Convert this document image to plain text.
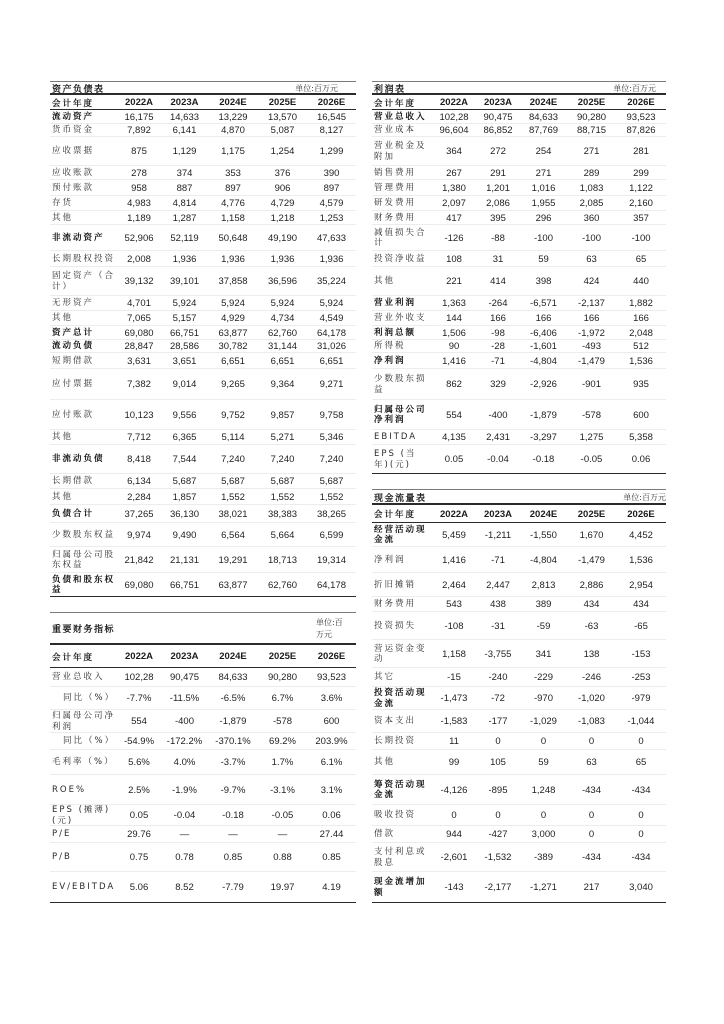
资产负债表			单位:百万元		
会计年度	2022A	2023A	2024E	2025E	2026E
流动资产	16,175	14,633	13,229	13,570	16,545
货币资金	7,892	6,141	4,870	5,087	8,127
应收票据	875	1,129	1,175	1,254	1,299
应收账款	278	374	353	376	390
预付账款	958	887	897	906	897
存货	4,983	4,814	4,776	4,729	4,579
其他	1,189	1,287	1,158	1,218	1,253
非流动资产	52,906	52,119	50,648	49,190	47,633
长期股权投资	2,008	1,936	1,936	1,936	1,936
固定资产（合计）	39,132	39,101	37,858	36,596	35,224
无形资产	4,701	5,924	5,924	5,924	5,924
其他	7,065	5,157	4,929	4,734	4,549
资产总计	69,080	66,751	63,877	62,760	64,178
流动负债	28,847	28,586	30,782	31,144	31,026
短期借款	3,631	3,651	6,651	6,651	6,651
应付票据	7,382	9,014	9,265	9,364	9,271
应付账款	10,123	9,556	9,752	9,857	9,758
其他	7,712	6,365	5,114	5,271	5,346
非流动负债	8,418	7,544	7,240	7,240	7,240
长期借款	6,134	5,687	5,687	5,687	5,687
其他	2,284	1,857	1,552	1,552	1,552
负债合计	37,265	36,130	38,021	38,383	38,265
少数股东权益	9,974	9,490	6,564	5,664	6,599
归属母公司股东权益	21,842	21,131	19,291	18,713	19,314
负债和股东权益	69,080	66,751	63,877	62,760	64,178
重要财务指标					单位:百万元
会计年度	2022A	2023A	2024E	2025E	2026E
营业总收入	102,28	90,475	84,633	90,280	93,523
同比（%）	-7.7%	-11.5%	-6.5%	6.7%	3.6%
归属母公司净利润	554	-400	-1,879	-578	600
同比（%）	-54.9%	-172.2%	-370.1%	69.2%	203.9%
毛利率（%）	5.6%	4.0%	-3.7%	1.7%	6.1%
ROE%	2.5%	-1.9%	-9.7%	-3.1%	3.1%
EPS (摊薄)(元)	0.05	-0.04	-0.18	-0.05	0.06
P/E	29.76	—	—	—	27.44
P/B	0.75	0.78	0.85	0.88	0.85
EV/EBITDA	5.06	8.52	-7.79	19.97	4.19
利润表			单位:百万元		
会计年度	2022A	2023A	2024E	2025E	2026E
营业总收入	102,28	90,475	84,633	90,280	93,523
营业成本	96,604	86,852	87,769	88,715	87,826
营业税金及附加	364	272	254	271	281
销售费用	267	291	271	289	299
管理费用	1,380	1,201	1,016	1,083	1,122
研发费用	2,097	2,086	1,955	2,085	2,160
财务费用	417	395	296	360	357
减值损失合计	-126	-88	-100	-100	-100
投资净收益	108	31	59	63	65
其他	221	414	398	424	440
营业利润	1,363	-264	-6,571	-2,137	1,882
营业外收支	144	166	166	166	166
利润总额	1,506	-98	-6,406	-1,972	2,048
所得税	90	-28	-1,601	-493	512
净利润	1,416	-71	-4,804	-1,479	1,536
少数股东损益	862	329	-2,926	-901	935
归属母公司净利润	554	-400	-1,879	-578	600
EBITDA	4,135	2,431	-3,297	1,275	5,358
EPS (当年)(元)	0.05	-0.04	-0.18	-0.05	0.06
现金流量表			单位:百万元		
会计年度	2022A	2023A	2024E	2025E	2026E
经营活动现金流	5,459	-1,211	-1,550	1,670	4,452
净利润	1,416	-71	-4,804	-1,479	1,536
折旧摊销	2,464	2,447	2,813	2,886	2,954
财务费用	543	438	389	434	434
投资损失	-108	-31	-59	-63	-65
营运资金变动	1,158	-3,755	341	138	-153
其它	-15	-240	-229	-246	-253
投资活动现金流	-1,473	-72	-970	-1,020	-979
资本支出	-1,583	-177	-1,029	-1,083	-1,044
长期投资	11	0	0	0	0
其他	99	105	59	63	65
筹资活动现金流	-4,126	-895	1,248	-434	-434
吸收投资	0	0	0	0	0
借款	944	-427	3,000	0	0
支付利息或股息	-2,601	-1,532	-389	-434	-434
现金流增加额	-143	-2,177	-1,271	217	3,040
